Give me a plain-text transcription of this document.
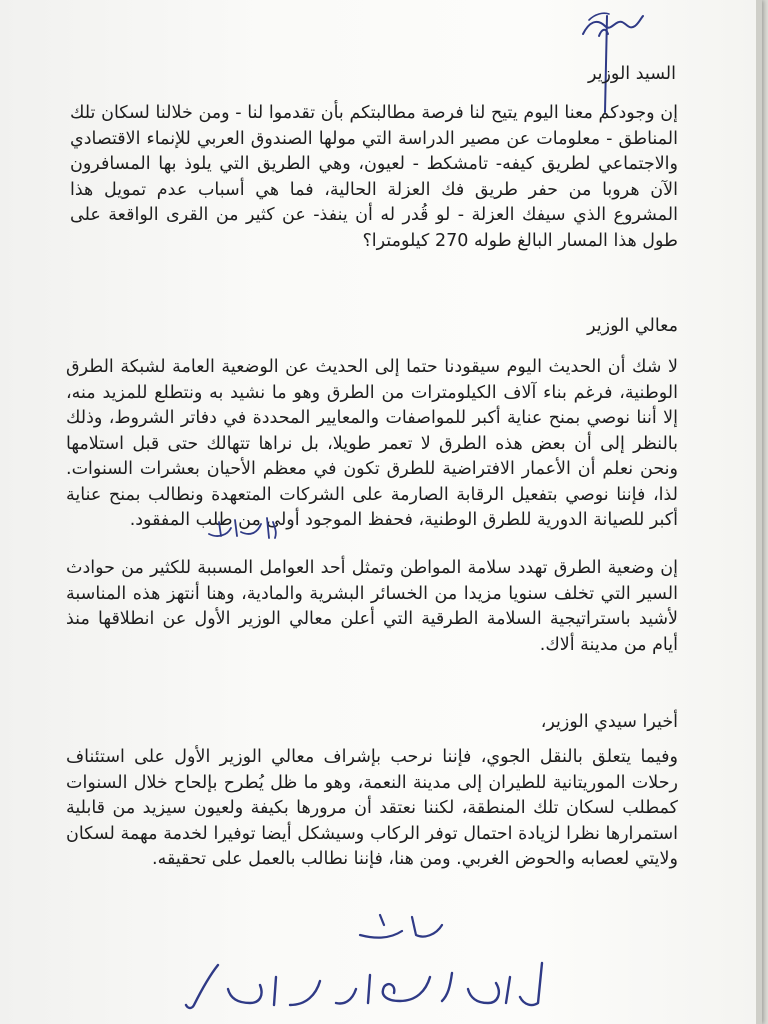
السيد الوزير
إن وجودكم معنا اليوم يتيح لنا فرصة مطالبتكم بأن تقدموا لنا - ومن خلالنا لسكان تلك المناطق - معلومات عن مصير الدراسة التي مولها الصندوق العربي للإنماء الاقتصادي والاجتماعي لطريق كيفه- تامشكط - لعيون، وهي الطريق التي يلوذ بها المسافرون الآن هروبا من حفر طريق فك العزلة الحالية، فما هي أسباب عدم تمويل هذا المشروع الذي سيفك العزلة - لو قُدر له أن ينفذ- عن كثير من القرى الواقعة على طول هذا المسار البالغ طوله 270 كيلومترا؟
معالي الوزير
لا شك أن الحديث اليوم سيقودنا حتما إلى الحديث عن الوضعية العامة لشبكة الطرق الوطنية، فرغم بناء آلاف الكيلومترات من الطرق وهو ما نشيد به ونتطلع للمزيد منه، إلا أننا نوصي بمنح عناية أكبر للمواصفات والمعايير المحددة في دفاتر الشروط، وذلك بالنظر إلى أن بعض هذه الطرق لا تعمر طويلا، بل نراها تتهالك حتى قبل استلامها ونحن نعلم أن الأعمار الافتراضية للطرق تكون في معظم الأحيان بعشرات السنوات. لذا، فإننا نوصي بتفعيل الرقابة الصارمة على الشركات المتعهدة ونطالب بمنح عناية أكبر للصيانة الدورية للطرق الوطنية، فحفظ الموجود أولى من طلب المفقود.
إن وضعية الطرق تهدد سلامة المواطن وتمثل أحد العوامل المسببة للكثير من حوادث السير التي تخلف سنويا مزيدا من الخسائر البشرية والمادية، وهنا أنتهز هذه المناسبة لأشيد باستراتيجية السلامة الطرقية التي أعلن معالي الوزير الأول عن انطلاقها منذ أيام من مدينة ألاك.
أخيرا سيدي الوزير،
وفيما يتعلق بالنقل الجوي، فإننا نرحب بإشراف معالي الوزير الأول على استئناف رحلات الموريتانية للطيران إلى مدينة النعمة، وهو ما ظل يُطرح بإلحاح خلال السنوات كمطلب لسكان تلك المنطقة، لكننا نعتقد أن مرورها بكيفة ولعيون سيزيد من قابلية استمرارها نظرا لزيادة احتمال توفر الركاب وسيشكل أيضا توفيرا لخدمة مهمة لسكان ولايتي لعصابه والحوض الغربي. ومن هنا، فإننا نطالب بالعمل على تحقيقه.
